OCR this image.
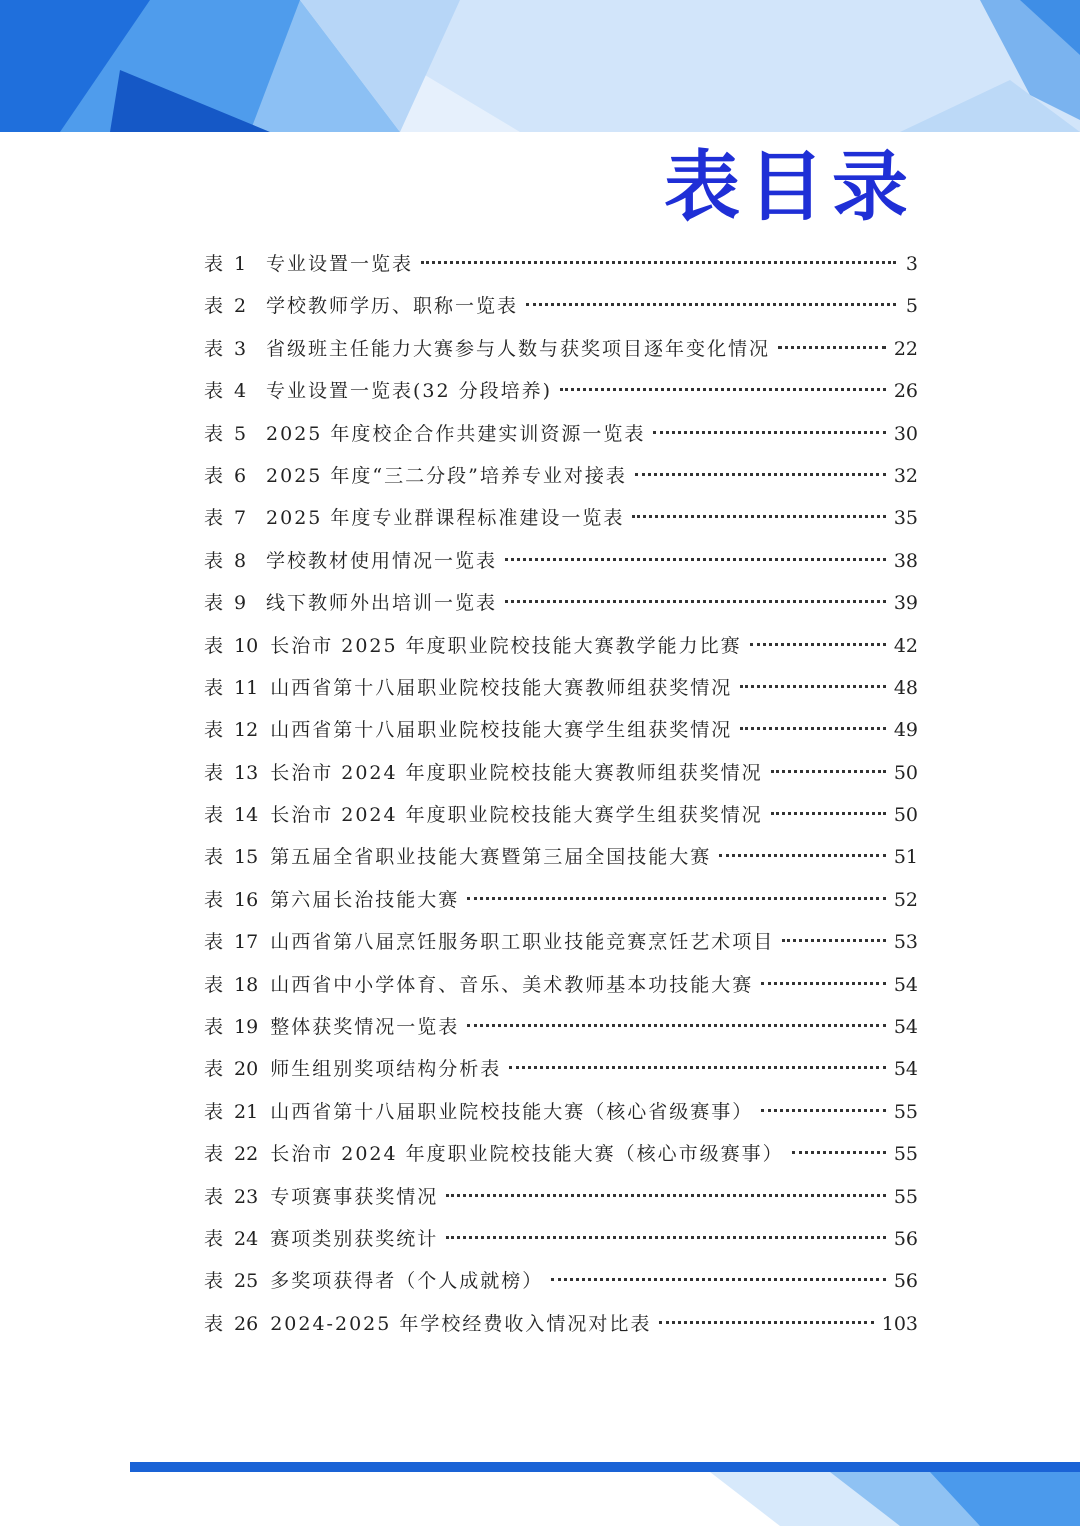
表目录
表 1	专业设置一览表	3
表 2	学校教师学历、职称一览表	5
表 3	省级班主任能力大赛参与人数与获奖项目逐年变化情况	22
表 4	专业设置一览表(32 分段培养)	26
表 5	2025 年度校企合作共建实训资源一览表	30
表 6	2025 年度“三二分段”培养专业对接表	32
表 7	2025 年度专业群课程标准建设一览表	35
表 8	学校教材使用情况一览表	38
表 9	线下教师外出培训一览表	39
表 10 长治市 2025 年度职业院校技能大赛教学能力比赛	42
表 11 山西省第十八届职业院校技能大赛教师组获奖情况	48
表 12 山西省第十八届职业院校技能大赛学生组获奖情况	49
表 13 长治市 2024 年度职业院校技能大赛教师组获奖情况	50
表 14 长治市 2024 年度职业院校技能大赛学生组获奖情况	50
表 15 第五届全省职业技能大赛暨第三届全国技能大赛	51
表 16 第六届长治技能大赛	52
表 17 山西省第八届烹饪服务职工职业技能竞赛烹饪艺术项目	53
表 18 山西省中小学体育、音乐、美术教师基本功技能大赛	54
表 19 整体获奖情况一览表	54
表 20 师生组别奖项结构分析表	54
表 21 山西省第十八届职业院校技能大赛（核心省级赛事）	55
表 22 长治市 2024 年度职业院校技能大赛（核心市级赛事）	55
表 23 专项赛事获奖情况	55
表 24 赛项类别获奖统计	56
表 25 多奖项获得者（个人成就榜）	56
表 26 2024-2025 年学校经费收入情况对比表	103
